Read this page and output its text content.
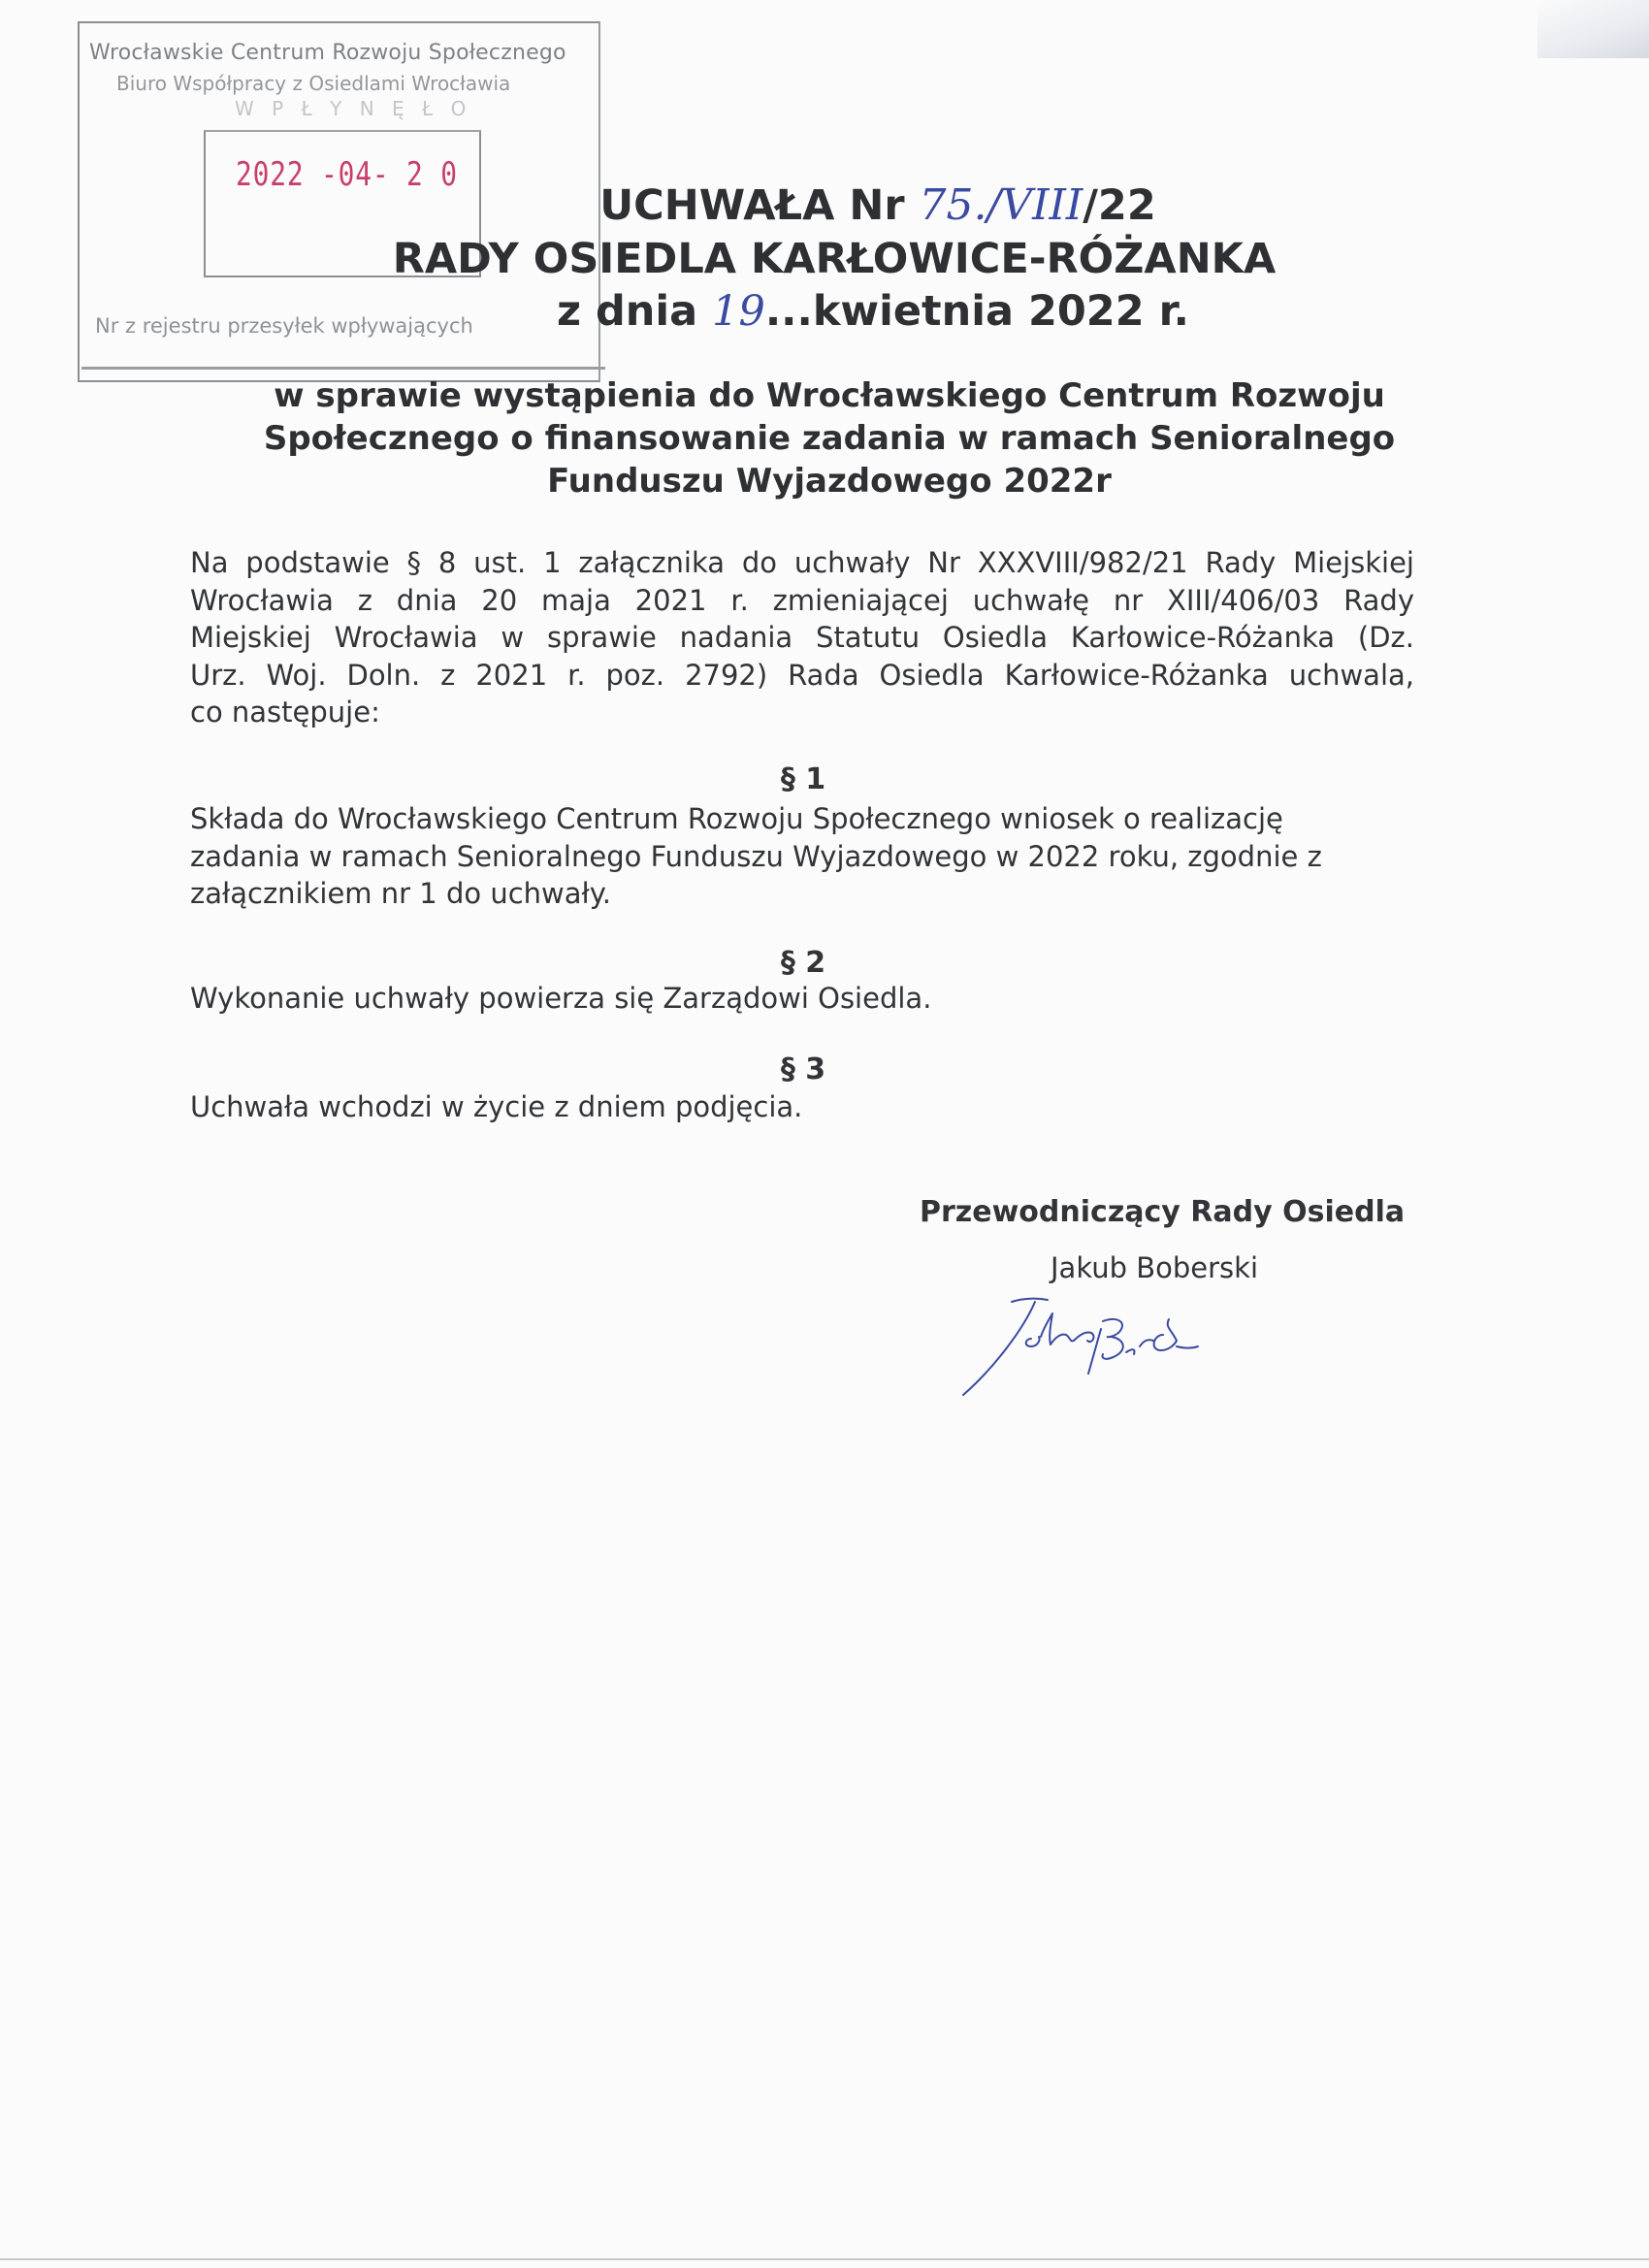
Wrocławskie Centrum Rozwoju Społecznego
Biuro Współpracy z Osiedlami Wrocławia
W P Ł Y N Ę Ł O
Nr z rejestru przesyłek wpływających
2022 -04- 2 0
UCHWAŁA Nr 75./VIII/22
RADY OSIEDLA KARŁOWICE-RÓŻANKA
z dnia 19...kwietnia 2022 r.
w sprawie wystąpienia do Wrocławskiego Centrum Rozwoju
Społecznego o finansowanie zadania w ramach Senioralnego
Funduszu Wyjazdowego 2022r
Na podstawie § 8 ust. 1 załącznika do uchwały Nr XXXVIII/982/21 Rady Miejskiej
Wrocławia z dnia 20 maja 2021 r. zmieniającej uchwałę nr XIII/406/03 Rady
Miejskiej Wrocławia w sprawie nadania Statutu Osiedla Karłowice-Różanka (Dz.
Urz. Woj. Doln. z 2021 r. poz. 2792) Rada Osiedla Karłowice-Różanka uchwala,
co następuje:
§ 1
Składa do Wrocławskiego Centrum Rozwoju Społecznego wniosek o realizację
zadania w ramach Senioralnego Funduszu Wyjazdowego w 2022 roku, zgodnie z
załącznikiem nr 1 do uchwały.
§ 2
Wykonanie uchwały powierza się Zarządowi Osiedla.
§ 3
Uchwała wchodzi w życie z dniem podjęcia.
Przewodniczący Rady Osiedla
Jakub Boberski
